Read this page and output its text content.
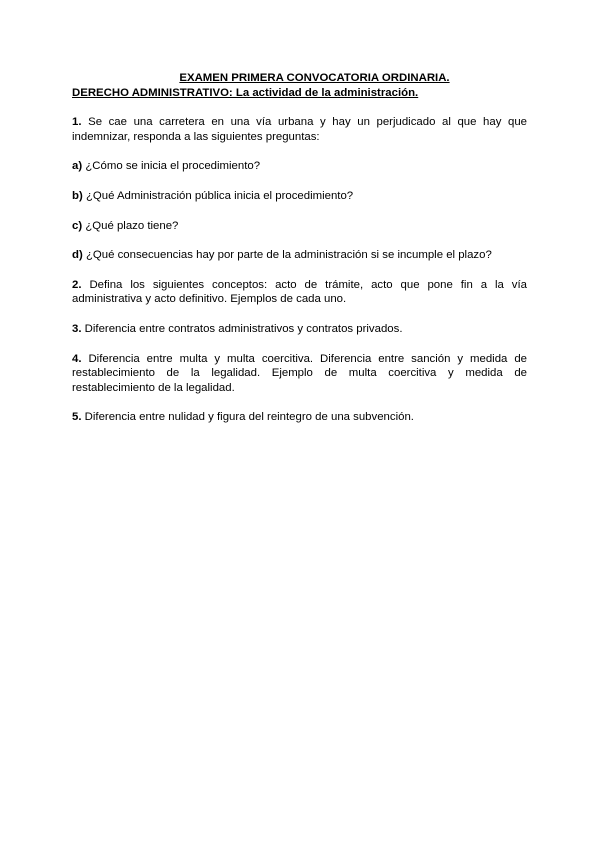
EXAMEN PRIMERA CONVOCATORIA ORDINARIA.

DERECHO ADMINISTRATIVO: La actividad de la administración.

1. Se cae una carretera en una vía urbana y hay un perjudicado al que hay que indemnizar, responda a las siguientes preguntas:

a) ¿Cómo se inicia el procedimiento?

b) ¿Qué Administración pública inicia el procedimiento?

c) ¿Qué plazo tiene?

d) ¿Qué consecuencias hay por parte de la administración si se incumple el plazo?

2. Defina los siguientes conceptos: acto de trámite, acto que pone fin a la vía administrativa y acto definitivo. Ejemplos de cada uno.

3. Diferencia entre contratos administrativos y contratos privados.

4. Diferencia entre multa y multa coercitiva. Diferencia entre sanción y medida de restablecimiento de la legalidad. Ejemplo de multa coercitiva y medida de restablecimiento de la legalidad.

5. Diferencia entre nulidad y figura del reintegro de una subvención.
